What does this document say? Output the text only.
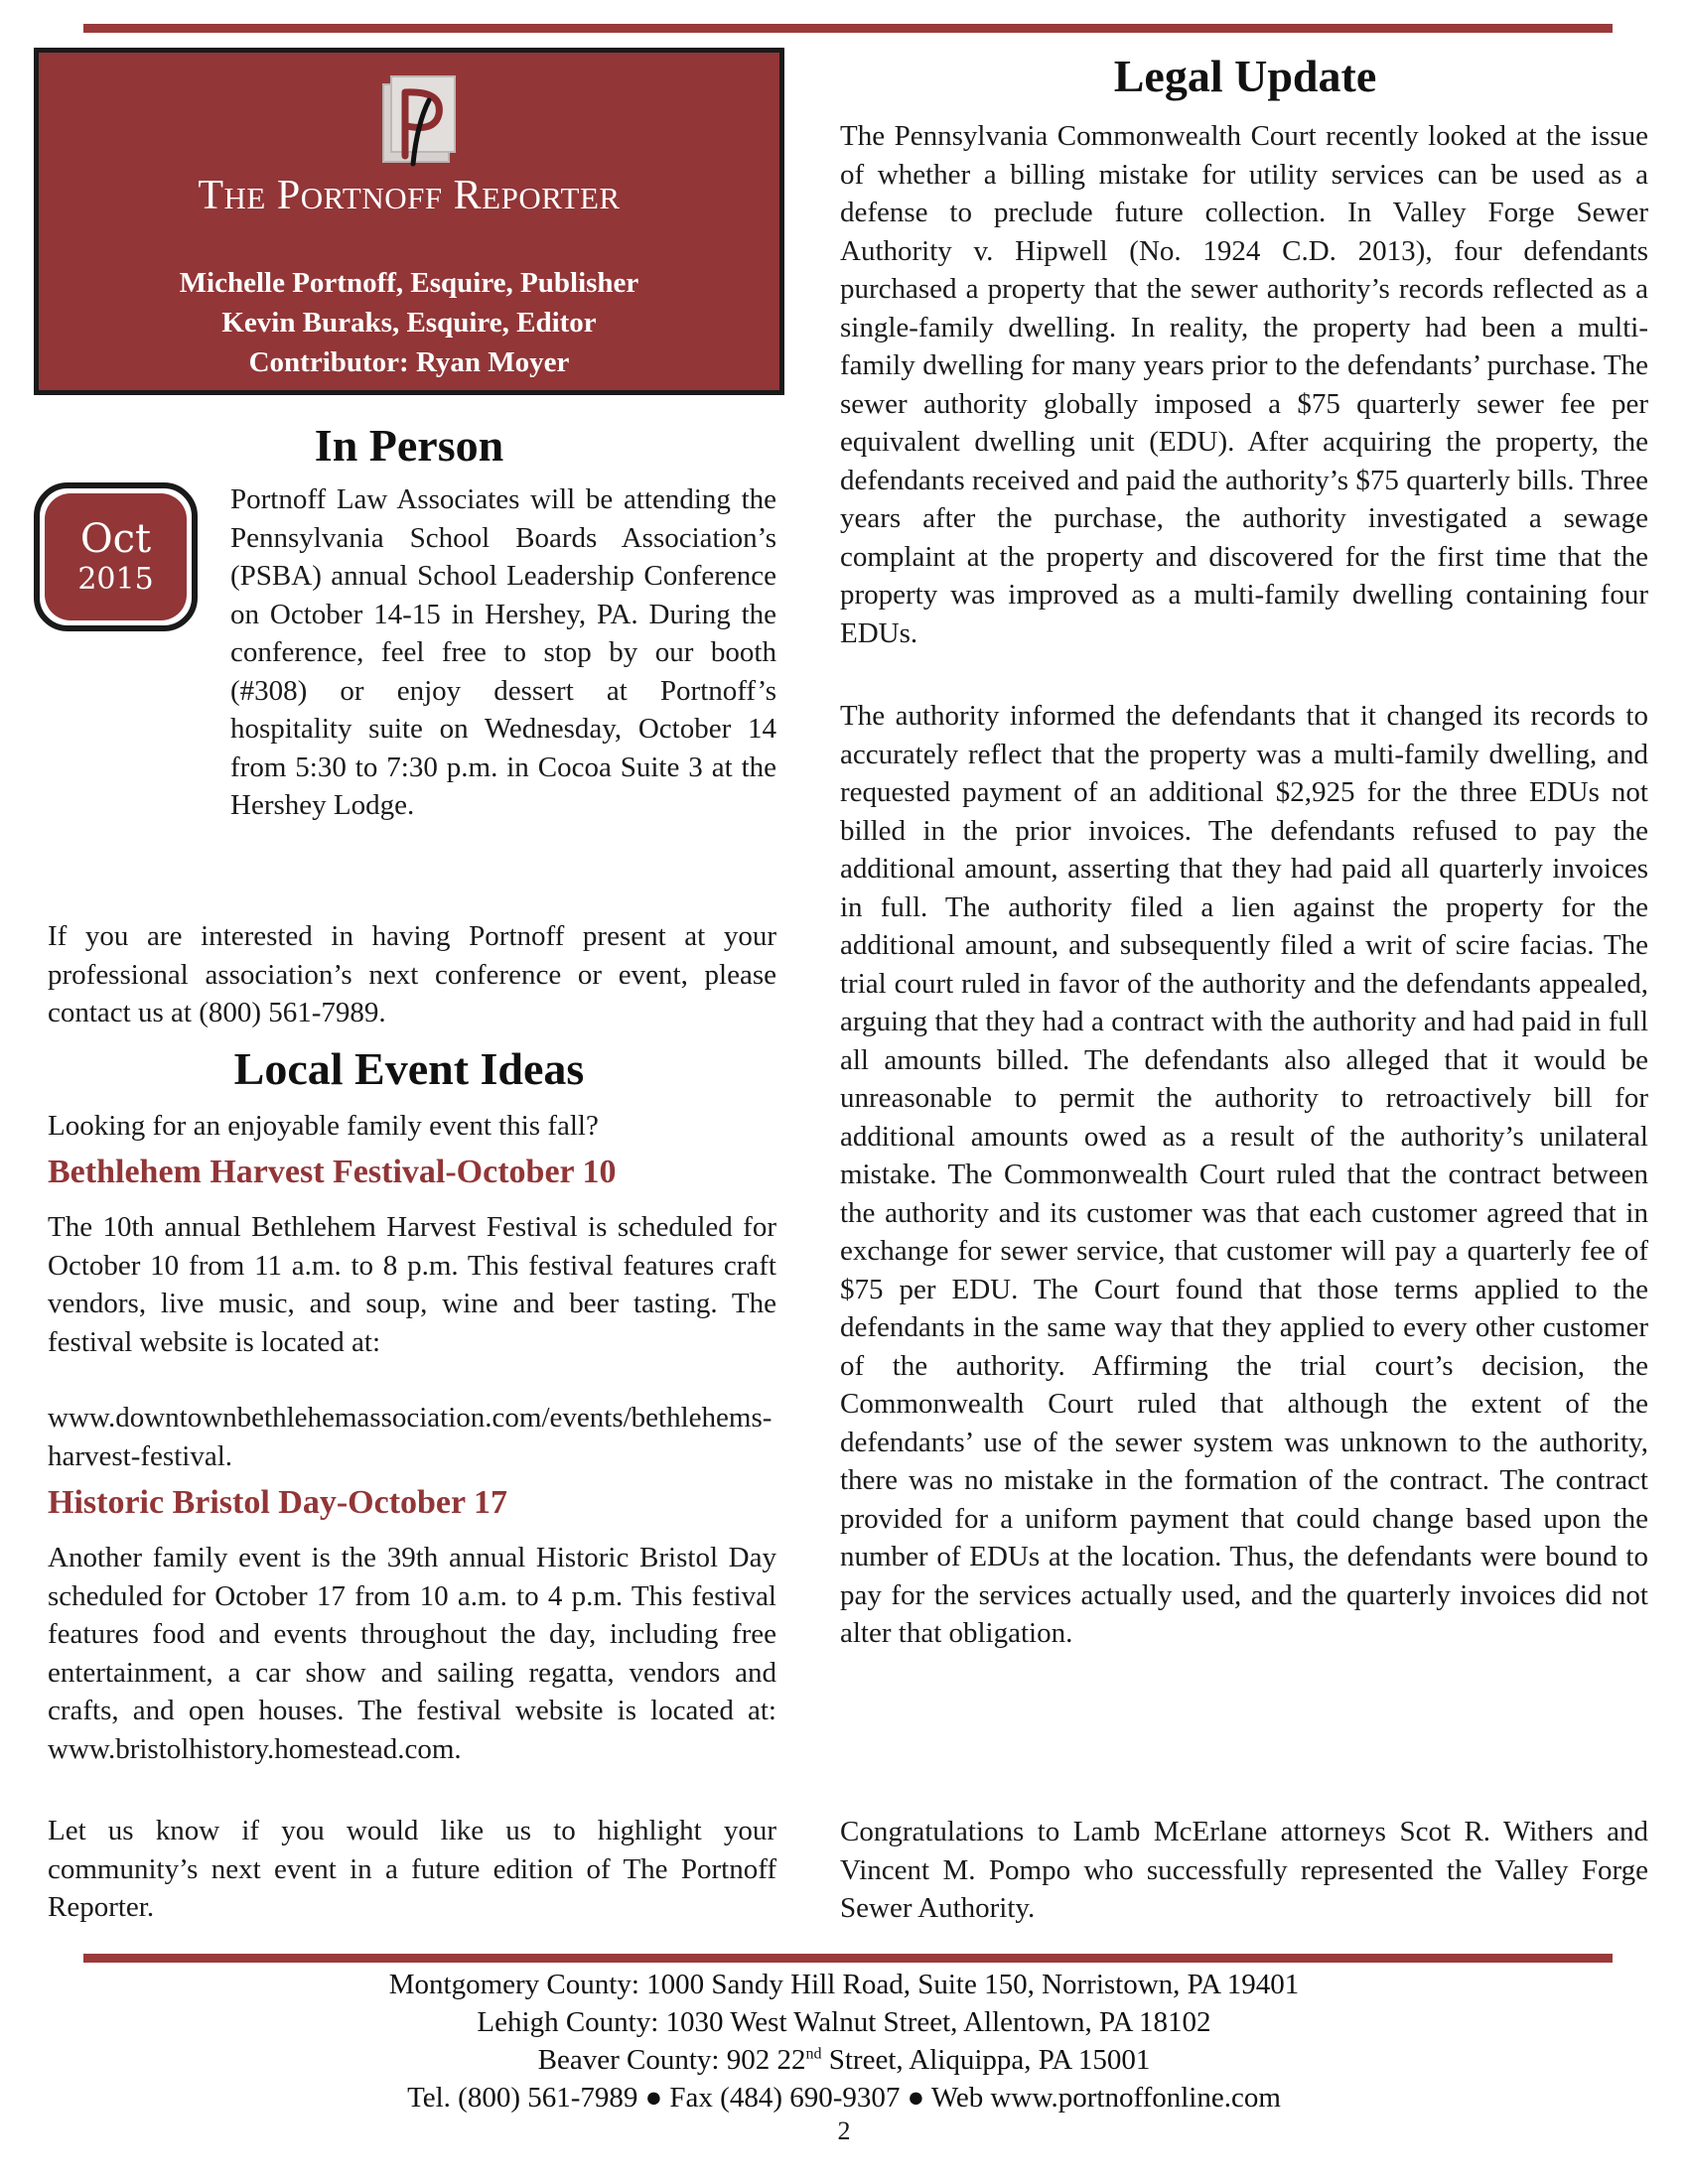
THE PORTNOFF REPORTER
Michelle Portnoff, Esquire, Publisher
Kevin Buraks, Esquire, Editor
Contributor: Ryan Moyer
In Person
Oct
2015

Portnoff Law Associates will be attending the Pennsylvania School Boards Association’s (PSBA) annual School Leadership Conference on October 14-15 in Hershey, PA. During the conference, feel free to stop by our booth (#308) or enjoy dessert at Portnoff’s hospitality suite on Wednesday, October 14 from 5:30 to 7:30 p.m. in Cocoa Suite 3 at the Hershey Lodge.

If you are interested in having Portnoff present at your professional association’s next conference or event, please contact us at (800) 561-7989.

Local Event Ideas

Looking for an enjoyable family event this fall?

Bethlehem Harvest Festival-October 10

The 10th annual Bethlehem Harvest Festival is scheduled for October 10 from 11 a.m. to 8 p.m. This festival features craft vendors, live music, and soup, wine and beer tasting. The festival website is located at:

www.downtownbethlehemassociation.com/events/bethlehems-harvest-festival.

Historic Bristol Day-October 17

Another family event is the 39th annual Historic Bristol Day scheduled for October 17 from 10 a.m. to 4 p.m. This festival features food and events throughout the day, including free entertainment, a car show and sailing regatta, vendors and crafts, and open houses. The festival website is located at: www.bristolhistory.homestead.com.

Let us know if you would like us to highlight your community’s next event in a future edition of The Portnoff Reporter.

Legal Update

The Pennsylvania Commonwealth Court recently looked at the issue of whether a billing mistake for utility services can be used as a defense to preclude future collection. In Valley Forge Sewer Authority v. Hipwell (No. 1924 C.D. 2013), four defendants purchased a property that the sewer authority’s records reflected as a single-family dwelling. In reality, the property had been a multi-family dwelling for many years prior to the defendants’ purchase. The sewer authority globally imposed a $75 quarterly sewer fee per equivalent dwelling unit (EDU). After acquiring the property, the defendants received and paid the authority’s $75 quarterly bills. Three years after the purchase, the authority investigated a sewage complaint at the property and discovered for the first time that the property was improved as a multi-family dwelling containing four EDUs.

The authority informed the defendants that it changed its records to accurately reflect that the property was a multi-family dwelling, and requested payment of an additional $2,925 for the three EDUs not billed in the prior invoices. The defendants refused to pay the additional amount, asserting that they had paid all quarterly invoices in full. The authority filed a lien against the property for the additional amount, and subsequently filed a writ of scire facias. The trial court ruled in favor of the authority and the defendants appealed, arguing that they had a contract with the authority and had paid in full all amounts billed. The defendants also alleged that it would be unreasonable to permit the authority to retroactively bill for additional amounts owed as a result of the authority’s unilateral mistake. The Commonwealth Court ruled that the contract between the authority and its customer was that each customer agreed that in exchange for sewer service, that customer will pay a quarterly fee of $75 per EDU. The Court found that those terms applied to the defendants in the same way that they applied to every other customer of the authority. Affirming the trial court’s decision, the Commonwealth Court ruled that although the extent of the defendants’ use of the sewer system was unknown to the authority, there was no mistake in the formation of the contract. The contract provided for a uniform payment that could change based upon the number of EDUs at the location. Thus, the defendants were bound to pay for the services actually used, and the quarterly invoices did not alter that obligation.

Congratulations to Lamb McErlane attorneys Scot R. Withers and Vincent M. Pompo who successfully represented the Valley Forge Sewer Authority.

Montgomery County: 1000 Sandy Hill Road, Suite 150, Norristown, PA 19401
Lehigh County: 1030 West Walnut Street, Allentown, PA 18102
Beaver County: 902 22nd Street, Aliquippa, PA 15001
Tel. (800) 561-7989 ● Fax (484) 690-9307 ● Web www.portnoffonline.com
2
